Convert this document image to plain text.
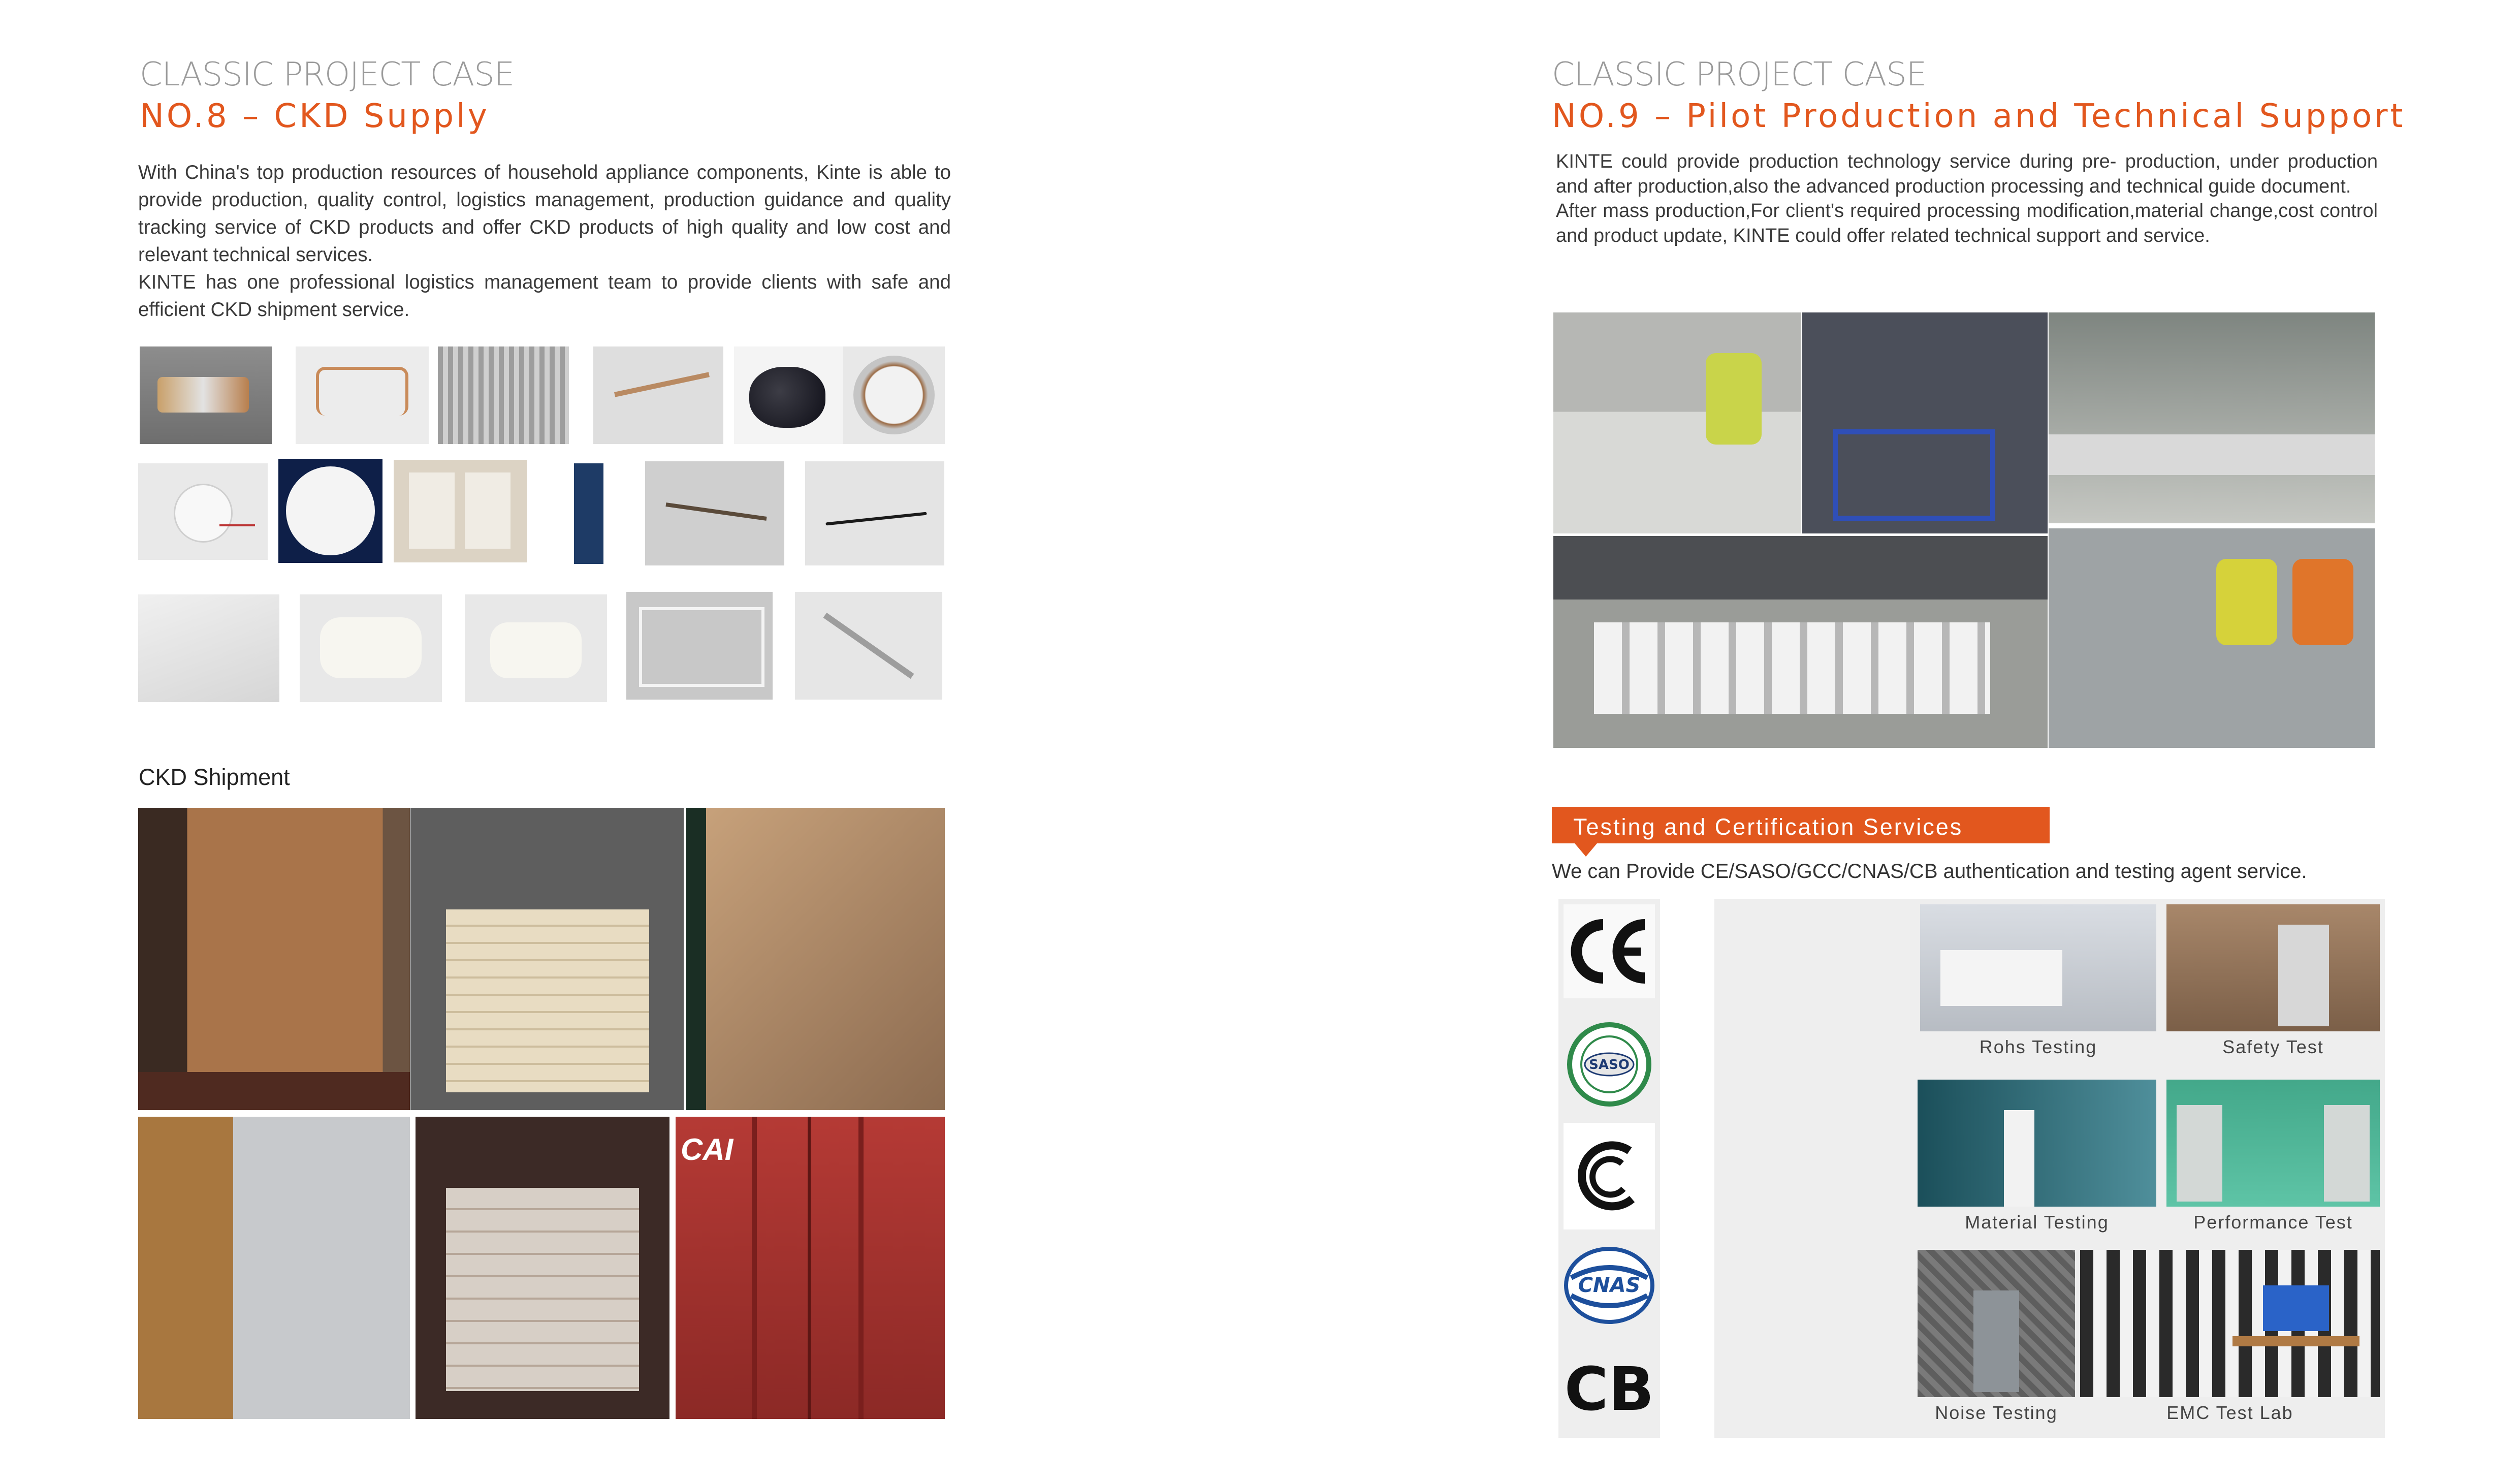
CLASSIC PROJECT CASE
NO.8 – CKD Supply

With China's top production resources of household appliance components, Kinte is able to provide production, quality control, logistics management, production guidance and quality tracking service of CKD products and offer CKD products of high quality and low cost and relevant technical services.

KINTE has one professional logistics management team to provide clients with safe and efficient CKD shipment service.

CKD Shipment
CAI
CLASSIC PROJECT CASE
NO.9 – Pilot Production and Technical Support

KINTE could provide production technology service during pre- production, under production and after production,also the advanced production processing and technical guide document.

After mass production,For client's required processing modification,material change,cost control and product update, KINTE could offer related technical support and service.

Testing and Certification Services
We can Provide CE/SASO/GCC/CNAS/CB authentication and testing agent service.
SASO
CNAS
CB
Rohs Testing	Safety Test
Material Testing	Performance Test
Noise Testing	EMC Test Lab
